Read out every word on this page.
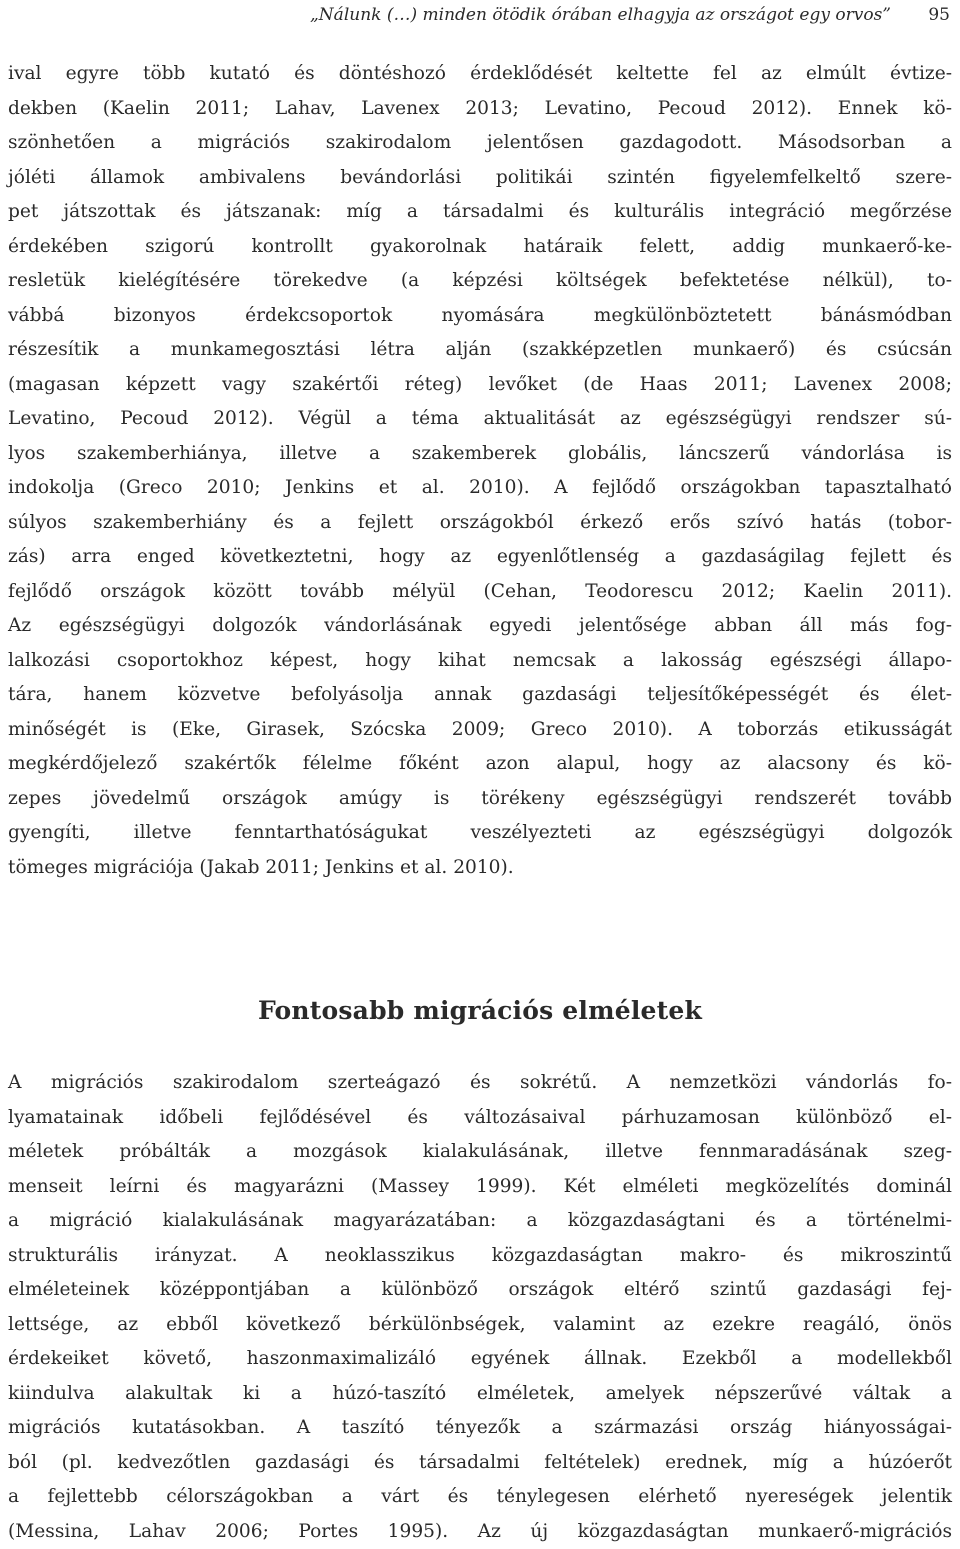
„Nálunk (…) minden ötödik órában elhagyja az országot egy orvos” 95
ival egyre több kutató és döntéshozó érdeklődését keltette fel az elmúlt évtize-
dekben (Kaelin 2011; Lahav, Lavenex 2013; Levatino, Pecoud 2012). Ennek kö-
szönhetően a migrációs szakirodalom jelentősen gazdagodott. Másodsorban a
jóléti államok ambivalens bevándorlási politikái szintén figyelemfelkeltő szere-
pet játszottak és játszanak: míg a társadalmi és kulturális integráció megőrzése
érdekében szigorú kontrollt gyakorolnak határaik felett, addig munkaerő-ke-
resletük kielégítésére törekedve (a képzési költségek befektetése nélkül), to-
vábbá bizonyos érdekcsoportok nyomására megkülönböztetett bánásmódban
részesítik a munkamegosztási létra alján (szakképzetlen munkaerő) és csúcsán
(magasan képzett vagy szakértői réteg) levőket (de Haas 2011; Lavenex 2008;
Levatino, Pecoud 2012). Végül a téma aktualitását az egészségügyi rendszer sú-
lyos szakemberhiánya, illetve a szakemberek globális, láncszerű vándorlása is
indokolja (Greco 2010; Jenkins et al. 2010). A fejlődő országokban tapasztalható
súlyos szakemberhiány és a fejlett országokból érkező erős szívó hatás (tobor-
zás) arra enged következtetni, hogy az egyenlőtlenség a gazdaságilag fejlett és
fejlődő országok között tovább mélyül (Cehan, Teodorescu 2012; Kaelin 2011).
Az egészségügyi dolgozók vándorlásának egyedi jelentősége abban áll más fog-
lalkozási csoportokhoz képest, hogy kihat nemcsak a lakosság egészségi állapo-
tára, hanem közvetve befolyásolja annak gazdasági teljesítőképességét és élet-
minőségét is (Eke, Girasek, Szócska 2009; Greco 2010). A toborzás etikusságát
megkérdőjelező szakértők félelme főként azon alapul, hogy az alacsony és kö-
zepes jövedelmű országok amúgy is törékeny egészségügyi rendszerét tovább
gyengíti, illetve fenntarthatóságukat veszélyezteti az egészségügyi dolgozók
tömeges migrációja (Jakab 2011; Jenkins et al. 2010).
Fontosabb migrációs elméletek
A migrációs szakirodalom szerteágazó és sokrétű. A nemzetközi vándorlás fo-
lyamatainak időbeli fejlődésével és változásaival párhuzamosan különböző el-
méletek próbálták a mozgások kialakulásának, illetve fennmaradásának szeg-
menseit leírni és magyarázni (Massey 1999). Két elméleti megközelítés dominál
a migráció kialakulásának magyarázatában: a közgazdaságtani és a történelmi-
strukturális irányzat. A neoklasszikus közgazdaságtan makro- és mikroszintű
elméleteinek középpontjában a különböző országok eltérő szintű gazdasági fej-
lettsége, az ebből következő bérkülönbségek, valamint az ezekre reagáló, önös
érdekeiket követő, haszonmaximalizáló egyének állnak. Ezekből a modellekből
kiindulva alakultak ki a húzó-taszító elméletek, amelyek népszerűvé váltak a
migrációs kutatásokban. A taszító tényezők a származási ország hiányosságai-
ból (pl. kedvezőtlen gazdasági és társadalmi feltételek) erednek, míg a húzóerőt
a fejlettebb célországokban a várt és ténylegesen elérhető nyereségek jelentik
(Messina, Lahav 2006; Portes 1995). Az új közgazdaságtan munkaerő-migrációs
